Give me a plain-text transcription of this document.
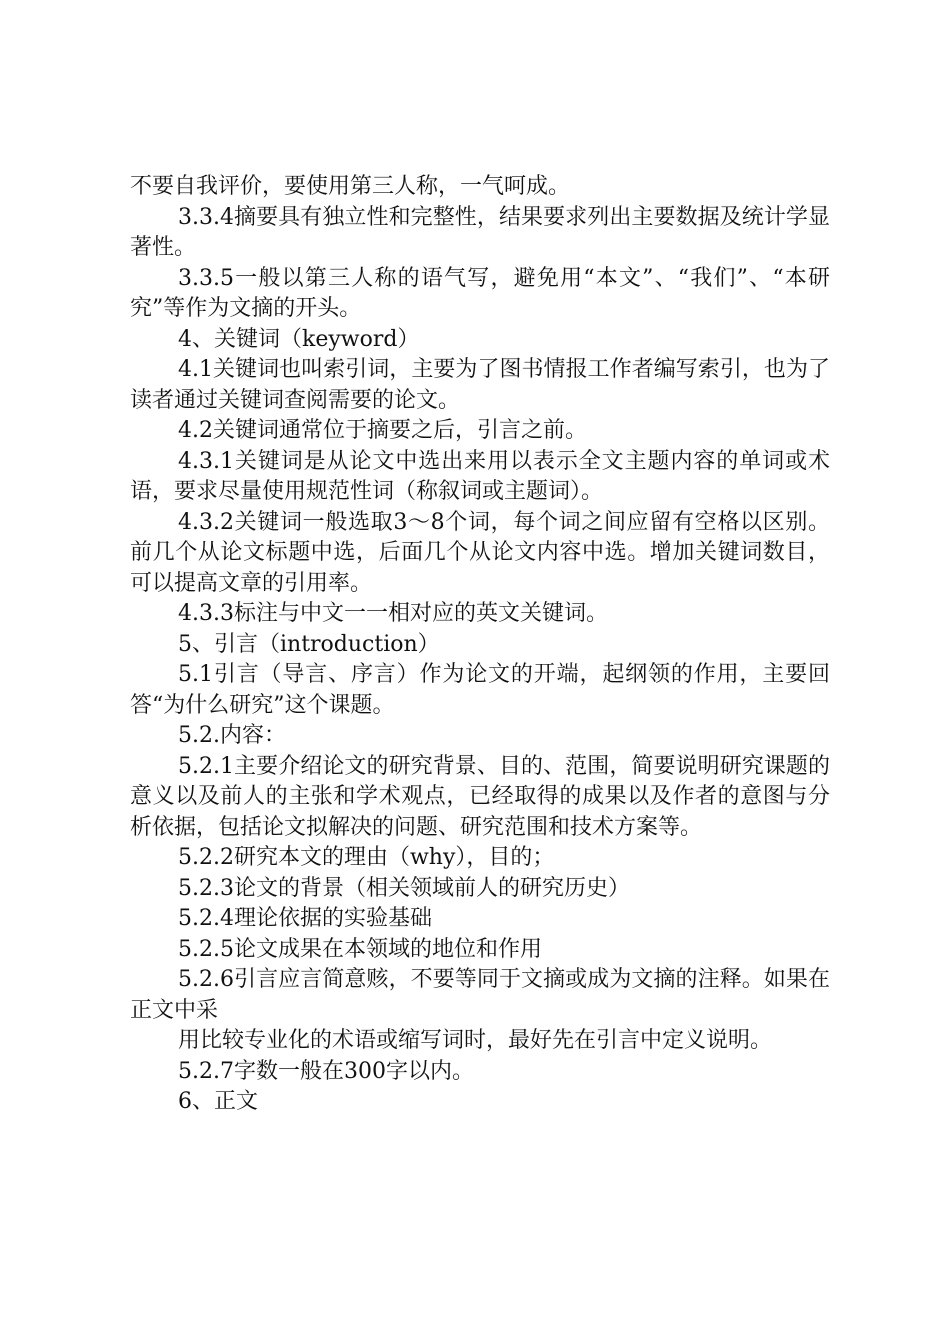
不要自我评价，要使用第三人称，一气呵成。

3.3.4摘要具有独立性和完整性，结果要求列出主要数据及统计学显著性。

3.3.5一般以第三人称的语气写，避免用“本文”、“我们”、“本研究”等作为文摘的开头。

4、关键词（keyword）

4.1关键词也叫索引词，主要为了图书情报工作者编写索引，也为了读者通过关键词查阅需要的论文。

4.2关键词通常位于摘要之后，引言之前。

4.3.1关键词是从论文中选出来用以表示全文主题内容的单词或术语，要求尽量使用规范性词（称叙词或主题词）。

4.3.2关键词一般选取3～8个词，每个词之间应留有空格以区别。前几个从论文标题中选，后面几个从论文内容中选。增加关键词数目，可以提高文章的引用率。

4.3.3标注与中文一一相对应的英文关键词。

5、引言（introduction）

5.1引言（导言、序言）作为论文的开端，起纲领的作用，主要回答“为什么研究”这个课题。

5.2.内容：

5.2.1主要介绍论文的研究背景、目的、范围，简要说明研究课题的意义以及前人的主张和学术观点，已经取得的成果以及作者的意图与分析依据，包括论文拟解决的问题、研究范围和技术方案等。

5.2.2研究本文的理由（why），目的；

5.2.3论文的背景（相关领域前人的研究历史）

5.2.4理论依据的实验基础

5.2.5论文成果在本领域的地位和作用

5.2.6引言应言简意赅，不要等同于文摘或成为文摘的注释。如果在正文中采

用比较专业化的术语或缩写词时，最好先在引言中定义说明。

5.2.7字数一般在300字以内。

6、正文
